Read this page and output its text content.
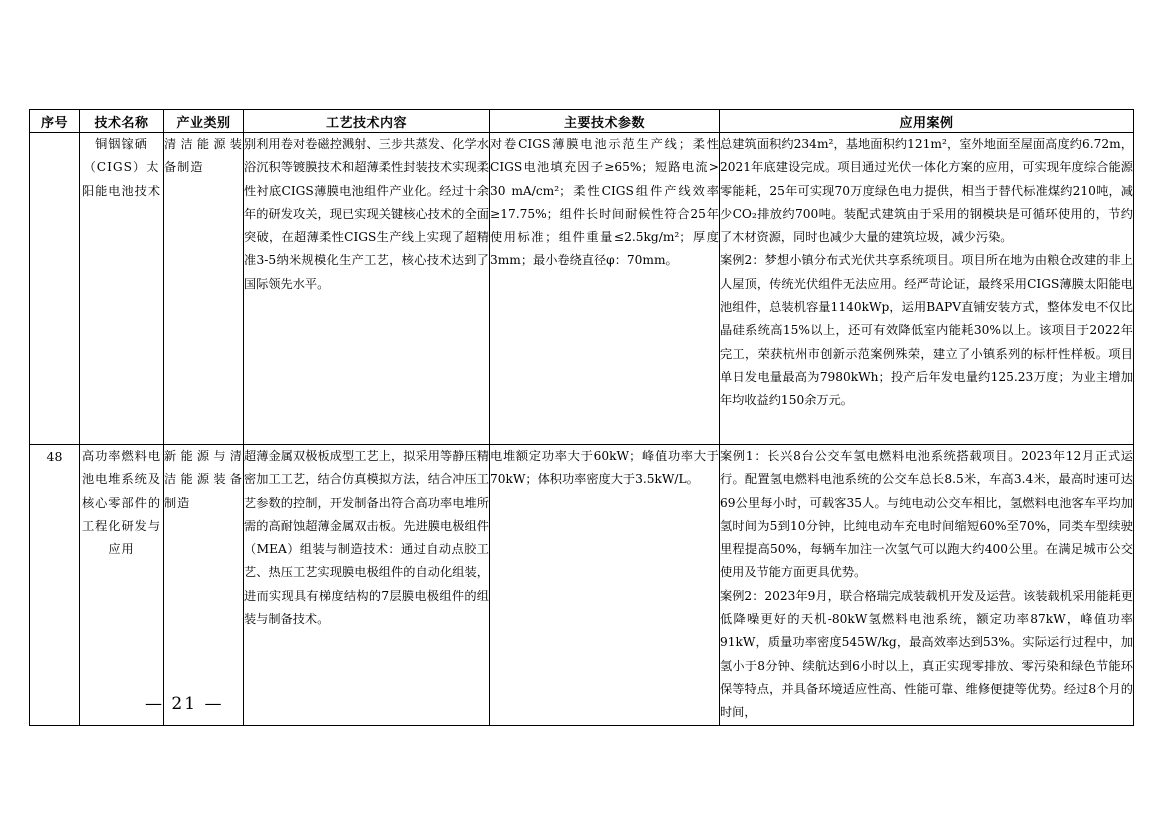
序号	技术名称	产业类别	工艺技术内容	主要技术参数	应用案例
	铜铟镓硒（CIGS）太阳能电池技术	清洁能源装备制造	别利用卷对卷磁控溅射、三步共蒸发、化学水浴沉积等镀膜技术和超薄柔性封装技术实现柔性衬底CIGS薄膜电池组件产业化。经过十余年的研发攻关，现已实现关键核心技术的全面突破，在超薄柔性CIGS生产线上实现了超精准3-5纳米规模化生产工艺，核心技术达到了国际领先水平。	对卷CIGS薄膜电池示范生产线；柔性CIGS电池填充因子≥65%；短路电流> 30 mA/cm²；柔性CIGS组件产线效率≥17.75%；组件长时间耐候性符合25年使用标准；组件重量≤2.5kg/m²；厚度3mm；最小卷绕直径φ：70mm。	总建筑面积约234m²，基地面积约121m²，室外地面至屋面高度约6.72m，2021年底建设完成。项目通过光伏一体化方案的应用，可实现年度综合能源零能耗，25年可实现70万度绿色电力提供，相当于替代标准煤约210吨，减少CO₂排放约700吨。装配式建筑由于采用的钢模块是可循环使用的，节约了木材资源，同时也减少大量的建筑垃圾，减少污染。

案例2：梦想小镇分布式光伏共享系统项目。项目所在地为由粮仓改建的非上人屋顶，传统光伏组件无法应用。经严苛论证，最终采用CIGS薄膜太阳能电池组件，总装机容量1140kWp，运用BAPV直铺安装方式，整体发电不仅比晶硅系统高15%以上，还可有效降低室内能耗30%以上。该项目于2022年完工，荣获杭州市创新示范案例殊荣，建立了小镇系列的标杆性样板。项目单日发电量最高为7980kWh；投产后年发电量约125.23万度；为业主增加年均收益约150余万元。

48	高功率燃料电池电堆系统及核心零部件的工程化研发与应用	新能源与清洁能源装备制造	超薄金属双极板成型工艺上，拟采用等静压精密加工工艺，结合仿真模拟方法，结合冲压工艺参数的控制，开发制备出符合高功率电堆所需的高耐蚀超薄金属双击板。先进膜电极组件（MEA）组装与制造技术：通过自动点胶工艺、热压工艺实现膜电极组件的自动化组装，进而实现具有梯度结构的7层膜电极组件的组装与制备技术。	电堆额定功率大于60kW；峰值功率大于70kW；体积功率密度大于3.5kW/L。	案例1：长兴8台公交车氢电燃料电池系统搭载项目。2023年12月正式运行。配置氢电燃料电池系统的公交车总长8.5米，车高3.4米，最高时速可达69公里每小时，可载客35人。与纯电动公交车相比，氢燃料电池客车平均加氢时间为5到10分钟，比纯电动车充电时间缩短60%至70%，同类车型续驶里程提高50%，每辆车加注一次氢气可以跑大约400公里。在满足城市公交使用及节能方面更具优势。

案例2：2023年9月，联合格瑞完成装载机开发及运营。该装载机采用能耗更低降噪更好的天机-80kW氢燃料电池系统，额定功率87kW，峰值功率91kW，质量功率密度545W/kg，最高效率达到53%。实际运行过程中，加氢小于8分钟、续航达到6小时以上，真正实现零排放、零污染和绿色节能环保等特点，并具备环境适应性高、性能可靠、维修便捷等优势。经过8个月的时间，

— 21 —
